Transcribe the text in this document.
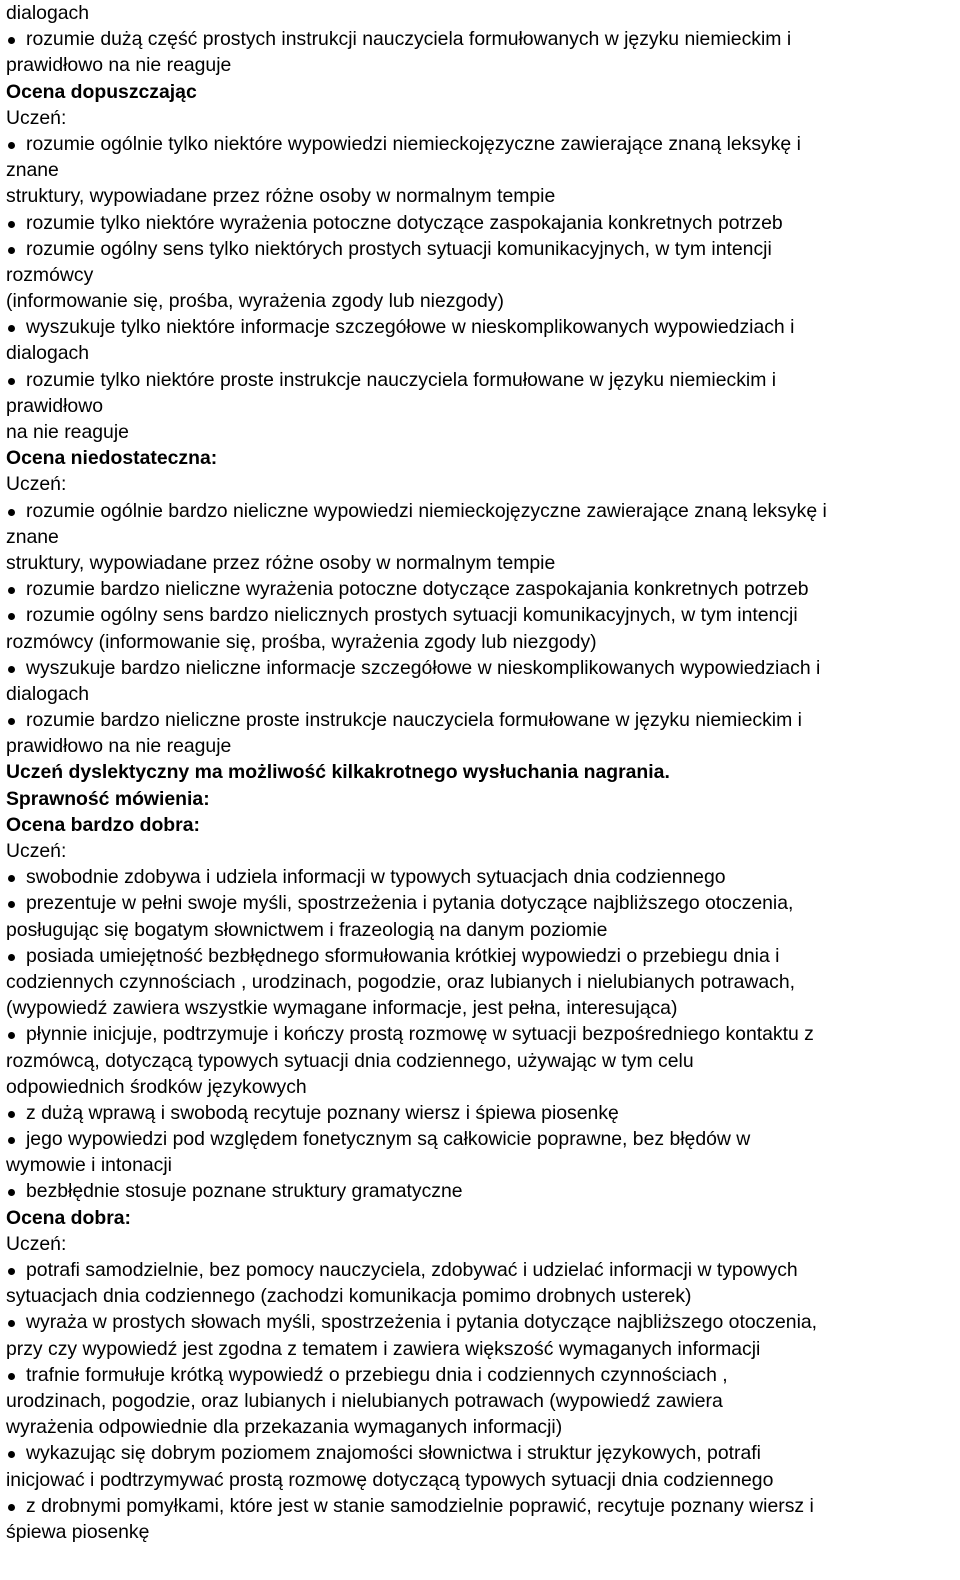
dialogach
rozumie dużą część prostych instrukcji nauczyciela formułowanych w języku niemieckim i
prawidłowo na nie reaguje
Ocena dopuszczając
Uczeń:
rozumie ogólnie tylko niektóre wypowiedzi niemieckojęzyczne zawierające znaną leksykę i
znane
struktury, wypowiadane przez różne osoby w normalnym tempie
rozumie tylko niektóre wyrażenia potoczne dotyczące zaspokajania konkretnych potrzeb
rozumie ogólny sens tylko niektórych prostych sytuacji komunikacyjnych, w tym intencji
rozmówcy
(informowanie się, prośba, wyrażenia zgody lub niezgody)
wyszukuje tylko niektóre informacje szczegółowe w nieskomplikowanych wypowiedziach i
dialogach
rozumie tylko niektóre proste instrukcje nauczyciela formułowane w języku niemieckim i
prawidłowo
na nie reaguje
Ocena niedostateczna:
Uczeń:
rozumie ogólnie bardzo nieliczne wypowiedzi niemieckojęzyczne zawierające znaną leksykę i
znane
struktury, wypowiadane przez różne osoby w normalnym tempie
rozumie bardzo nieliczne wyrażenia potoczne dotyczące zaspokajania konkretnych potrzeb
rozumie ogólny sens bardzo nielicznych prostych sytuacji komunikacyjnych, w tym intencji
rozmówcy (informowanie się, prośba, wyrażenia zgody lub niezgody)
wyszukuje bardzo nieliczne informacje szczegółowe w nieskomplikowanych wypowiedziach i
dialogach
rozumie bardzo nieliczne proste instrukcje nauczyciela formułowane w języku niemieckim i
prawidłowo na nie reaguje
Uczeń dyslektyczny ma możliwość kilkakrotnego wysłuchania nagrania.
Sprawność mówienia:
Ocena bardzo dobra:
Uczeń:
swobodnie zdobywa i udziela informacji w typowych sytuacjach dnia codziennego
prezentuje w pełni swoje myśli, spostrzeżenia i pytania dotyczące najbliższego otoczenia,
posługując się bogatym słownictwem i frazeologią na danym poziomie
posiada umiejętność bezbłędnego sformułowania krótkiej wypowiedzi o przebiegu dnia i
codziennych czynnościach , urodzinach, pogodzie, oraz lubianych i nielubianych potrawach,
(wypowiedź zawiera wszystkie wymagane informacje, jest pełna, interesująca)
płynnie inicjuje, podtrzymuje i kończy prostą rozmowę w sytuacji bezpośredniego kontaktu z
rozmówcą, dotyczącą typowych sytuacji dnia codziennego, używając w tym celu
odpowiednich środków językowych
z dużą wprawą i swobodą recytuje poznany wiersz i śpiewa piosenkę
jego wypowiedzi pod względem fonetycznym są całkowicie poprawne, bez błędów w
wymowie i intonacji
bezbłędnie stosuje poznane struktury gramatyczne
Ocena dobra:
Uczeń:
potrafi samodzielnie, bez pomocy nauczyciela, zdobywać i udzielać informacji w typowych
sytuacjach dnia codziennego (zachodzi komunikacja pomimo drobnych usterek)
wyraża w prostych słowach myśli, spostrzeżenia i pytania dotyczące najbliższego otoczenia,
przy czy wypowiedź jest zgodna z tematem i zawiera większość wymaganych informacji
trafnie formułuje krótką wypowiedź o przebiegu dnia i codziennych czynnościach ,
urodzinach, pogodzie, oraz lubianych i nielubianych potrawach (wypowiedź zawiera
wyrażenia odpowiednie dla przekazania wymaganych informacji)
wykazując się dobrym poziomem znajomości słownictwa i struktur językowych, potrafi
inicjować i podtrzymywać prostą rozmowę dotyczącą typowych sytuacji dnia codziennego
z drobnymi pomyłkami, które jest w stanie samodzielnie poprawić, recytuje poznany wiersz i
śpiewa piosenkę
